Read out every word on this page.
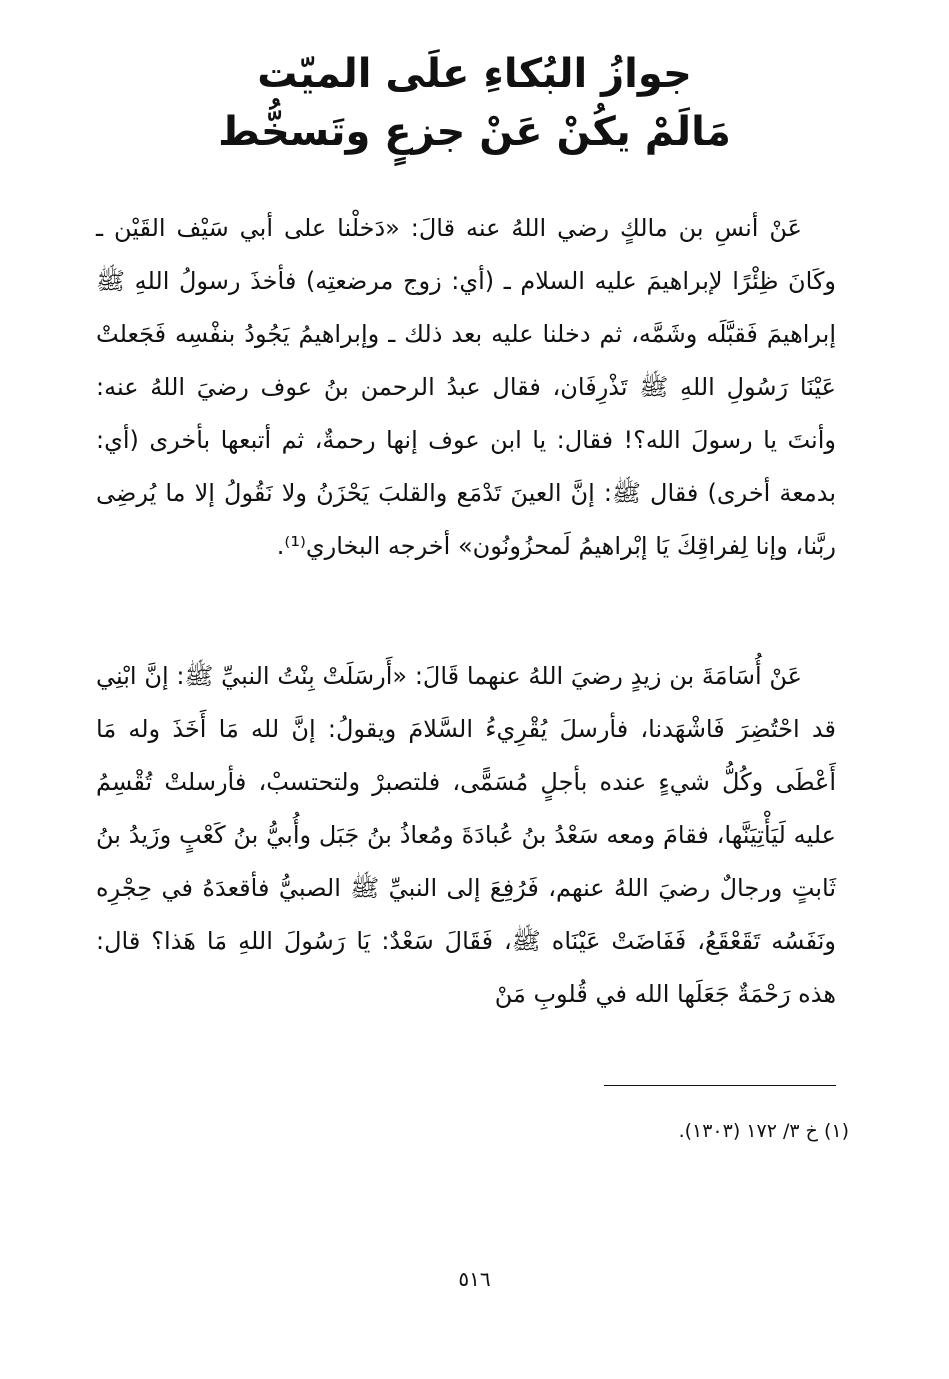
جوازُ البُكاءِ علَى الميّت
مَالَمْ يكُنْ عَنْ جزعٍ وتَسخُّط

عَنْ أنسِ بن مالكٍ رضي اللهُ عنه قالَ: «دَخلْنا على أبي سَيْف القَيْن ـ وكَانَ ظِئْرًا لإبراهيمَ عليه السلام ـ (أي: زوج مرضعتِه) فأخذَ رسولُ اللهِ ﷺ إبراهيمَ فَقبَّلَه وشَمَّه، ثم دخلنا عليه بعد ذلك ـ وإبراهيمُ يَجُودُ بنفْسِه فَجَعلتْ عَيْنَا رَسُولِ اللهِ ﷺ تَذْرِفَان، فقال عبدُ الرحمن بنُ عوف رضيَ اللهُ عنه: وأنتَ يا رسولَ الله؟! فقال: يا ابن عوف إنها رحمةٌ، ثم أتبعها بأخرى (أي: بدمعة أخرى) فقال ﷺ: إنَّ العينَ تَدْمَع والقلبَ يَحْزَنُ ولا نَقُولُ إلا ما يُرضِى ربَّنا، وإنا لِفراقِكَ يَا إبْراهيمُ لَمحزُونُون» أخرجه البخاري⁽¹⁾.

عَنْ أُسَامَةَ بن زيدٍ رضيَ اللهُ عنهما قَالَ: «أَرسَلَتْ بِنْتُ النبيِّ ﷺ: إنَّ ابْنِي قد احْتُضِرَ فَاشْهَدنا، فأرسلَ يُقْرِيءُ السَّلامَ ويقولُ: إنَّ لله مَا أَخَذَ وله مَا أَعْطَى وكُلُّ شيءٍ عنده بأجلٍ مُسَمًّى، فلتصبرْ ولتحتسبْ، فأرسلتْ تُقْسِمُ عليه لَيَأْتِيَنَّها، فقامَ ومعه سَعْدُ بنُ عُبادَةَ ومُعاذُ بنُ جَبَل وأُبيُّ بنُ كَعْبٍ وزَيدُ بنُ ثَابتٍ ورجالٌ رضيَ اللهُ عنهم، فَرُفِعَ إلى النبيِّ ﷺ الصبيُّ فأقعدَهُ في حِجْرِه ونَفَسُه تَقَعْقَعُ، فَفَاضَتْ عَيْنَاه ﷺ، فَقَالَ سَعْدٌ: يَا رَسُولَ اللهِ مَا هَذا؟ قال: هذه رَحْمَةٌ جَعَلَها الله في قُلوبِ مَنْ

(١) خ ٣/ ١٧٢ (١٣٠٣).
٥١٦
